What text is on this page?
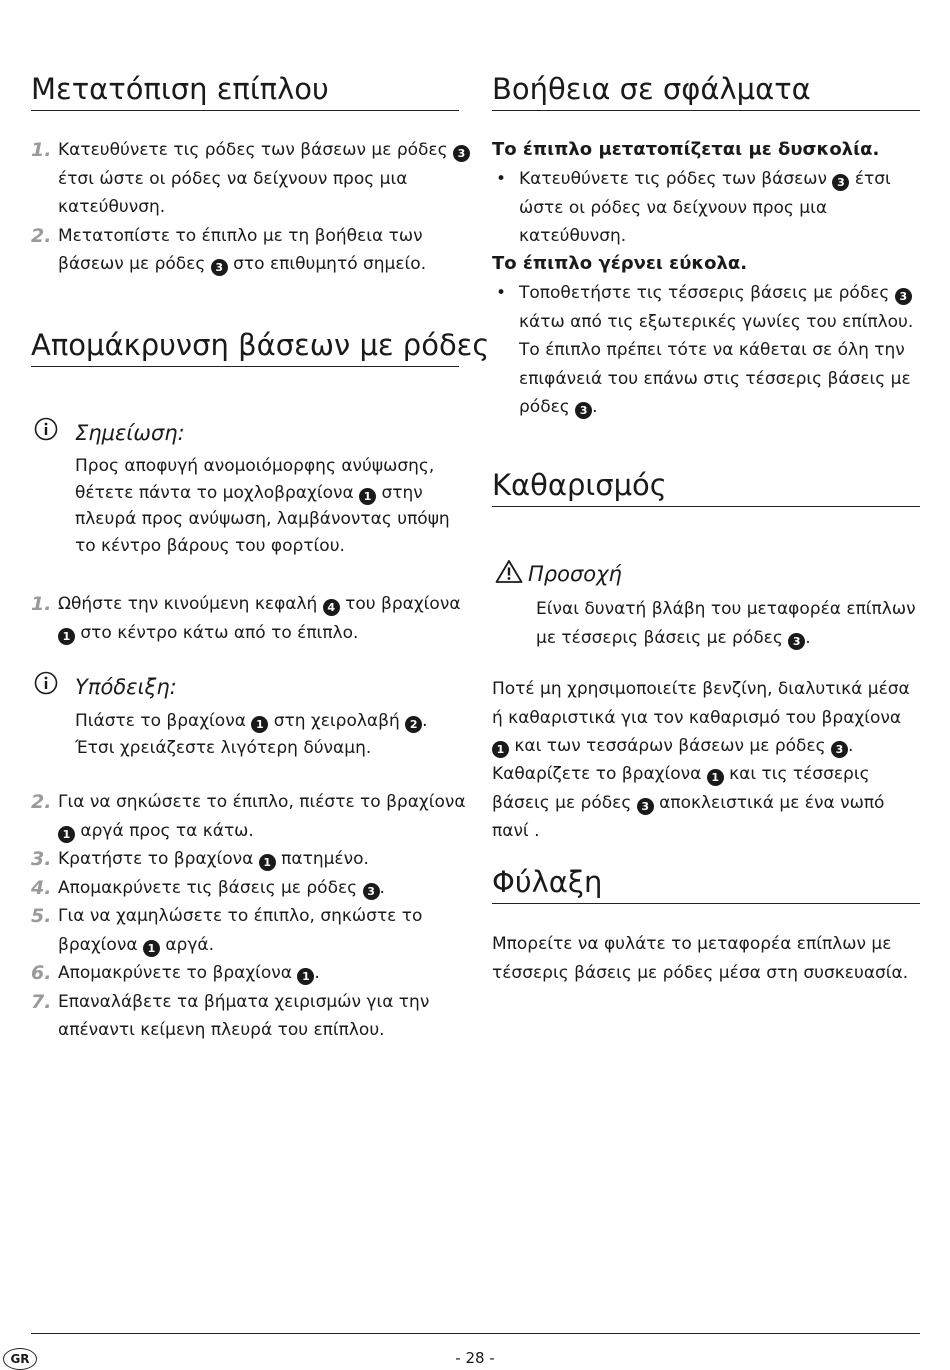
Μετατόπιση επίπλου
1. Κατευθύνετε τις ρόδες των βάσεων με ρόδες 3 έτσι ώστε οι ρόδες να δείχνουν προς μια κατεύθυνση.
2. Μετατοπίστε το έπιπλο με τη βοήθεια των βάσεων με ρόδες 3 στο επιθυμητό σημείο.
Απομάκρυνση βάσεων με ρόδες
Σημείωση:

Προς αποφυγή ανομοιόμορφης ανύψωσης, θέτετε πάντα το μοχλοβραχίονα 1 στην πλευρά προς ανύψωση, λαμβάνοντας υπόψη το κέντρο βάρους του φορτίου.

1. Ωθήστε την κινούμενη κεφαλή 4 του βραχίονα 1 στο κέντρο κάτω από το έπιπλο.
Υπόδειξη:

Πιάστε το βραχίονα 1 στη χειρολαβή 2 . Έτσι χρειάζεστε λιγότερη δύναμη.

2. Για να σηκώσετε το έπιπλο, πιέστε το βραχίονα 1 αργά προς τα κάτω.
3. Κρατήστε το βραχίονα 1 πατημένο.
4. Απομακρύνετε τις βάσεις με ρόδες 3 .
5. Για να χαμηλώσετε το έπιπλο, σηκώστε το βραχίονα 1 αργά.
6. Απομακρύνετε το βραχίονα 1 .
7. Επαναλάβετε τα βήματα χειρισμών για την απέναντι κείμενη πλευρά του επίπλου.
Βοήθεια σε σφάλματα
Το έπιπλο μετατοπίζεται με δυσκολία.

• Κατευθύνετε τις ρόδες των βάσεων 3 έτσι ώστε οι ρόδες να δείχνουν προς μια κατεύθυνση.

Το έπιπλο γέρνει εύκολα.

• Τοποθετήστε τις τέσσερις βάσεις με ρόδες 3 κάτω από τις εξωτερικές γωνίες του επίπλου. Το έπιπλο πρέπει τότε να κάθεται σε όλη την επιφάνειά του επάνω στις τέσσερις βάσεις με ρόδες 3 .

Καθαρισμός
Προσοχή

Είναι δυνατή βλάβη του μεταφορέα επίπλων με τέσσερις βάσεις με ρόδες 3 .

Ποτέ μη χρησιμοποιείτε βενζίνη, διαλυτικά μέσα ή καθαριστικά για τον καθαρισμό του βραχίονα 1 και των τεσσάρων βάσεων με ρόδες 3 .

Καθαρίζετε το βραχίονα 1 και τις τέσσερις βάσεις με ρόδες 3 αποκλειστικά με ένα νωπό πανί .

Φύλαξη

Μπορείτε να φυλάτε το μεταφορέα επίπλων με τέσσερις βάσεις με ρόδες μέσα στη συσκευασία.

GR	- 28 -
